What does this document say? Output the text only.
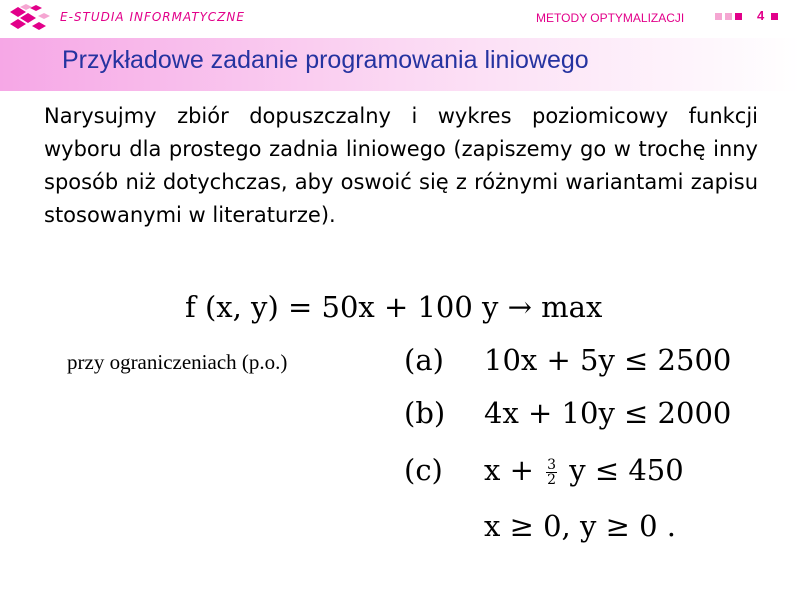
E-STUDIA INFORMATYCZNE	METODY OPTYMALIZACJI	4
Przykładowe zadanie programowania liniowego
Narysujmy zbiór dopuszczalny i wykres poziomicowy funkcji wyboru dla prostego zadnia liniowego (zapiszemy go w trochę inny sposób niż dotychczas, aby oswoić się z różnymi wariantami zapisu stosowanymi w literaturze).
f (x, y) = 50x + 100 y → max
przy ograniczeniach (p.o.)	(a) 10x + 5y ≤ 2500
(b) 4x + 10y ≤ 2000
(c) $x + \frac{3}{2}$ y ≤ 450
x ≥ 0, y ≥ 0 .
